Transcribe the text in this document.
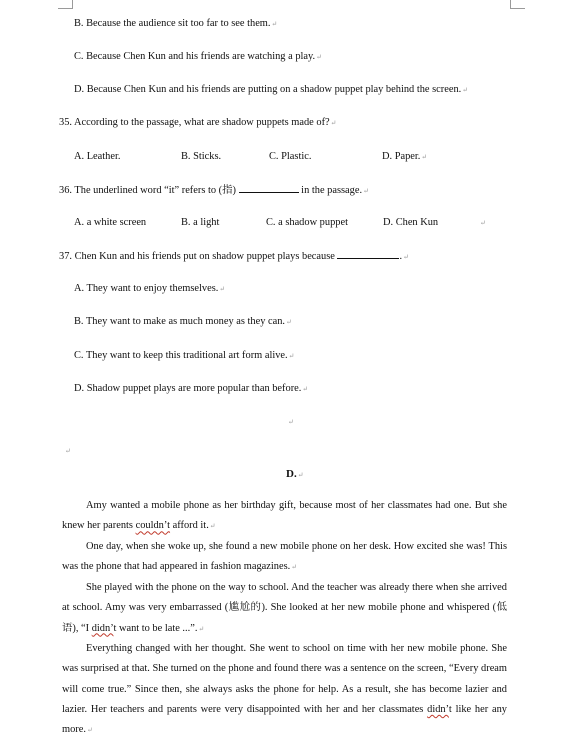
B. Because the audience sit too far to see them.↵
C. Because Chen Kun and his friends are watching a play.↵
D. Because Chen Kun and his friends are putting on a shadow puppet play behind the screen.↵
35. According to the passage, what are shadow puppets made of?↵
A. Leather.	B. Sticks.	C. Plastic.	D. Paper.↵
36. The underlined word “it” refers to (指)	in the passage.↵
A. a white screen	B. a light	C. a shadow puppet	D. Chen Kun	↵
37. Chen Kun and his friends put on shadow puppet plays because	.↵
A. They want to enjoy themselves.↵
B. They want to make as much money as they can.↵
C. They want to keep this traditional art form alive.↵
D. Shadow puppet plays are more popular than before.↵
↵
↵
D.↵
Amy wanted a mobile phone as her birthday gift, because most of her classmates had one. But she knew her parents couldn’t afford it.↵
One day, when she woke up, she found a new mobile phone on her desk. How excited she was! This was the phone that had appeared in fashion magazines.↵
She played with the phone on the way to school. And the teacher was already there when she arrived at school. Amy was very embarrassed (尴尬的). She looked at her new mobile phone and whispered (低语), “I didn’t want to be late ...”.↵
Everything changed with her thought. She went to school on time with her new mobile phone. She was surprised at that. She turned on the phone and found there was a sentence on the screen, “Every dream will come true.” Since then, she always asks the phone for help. As a result, she has become lazier and lazier. Her teachers and parents were very disappointed with her and her classmates didn’t like her any more.↵
